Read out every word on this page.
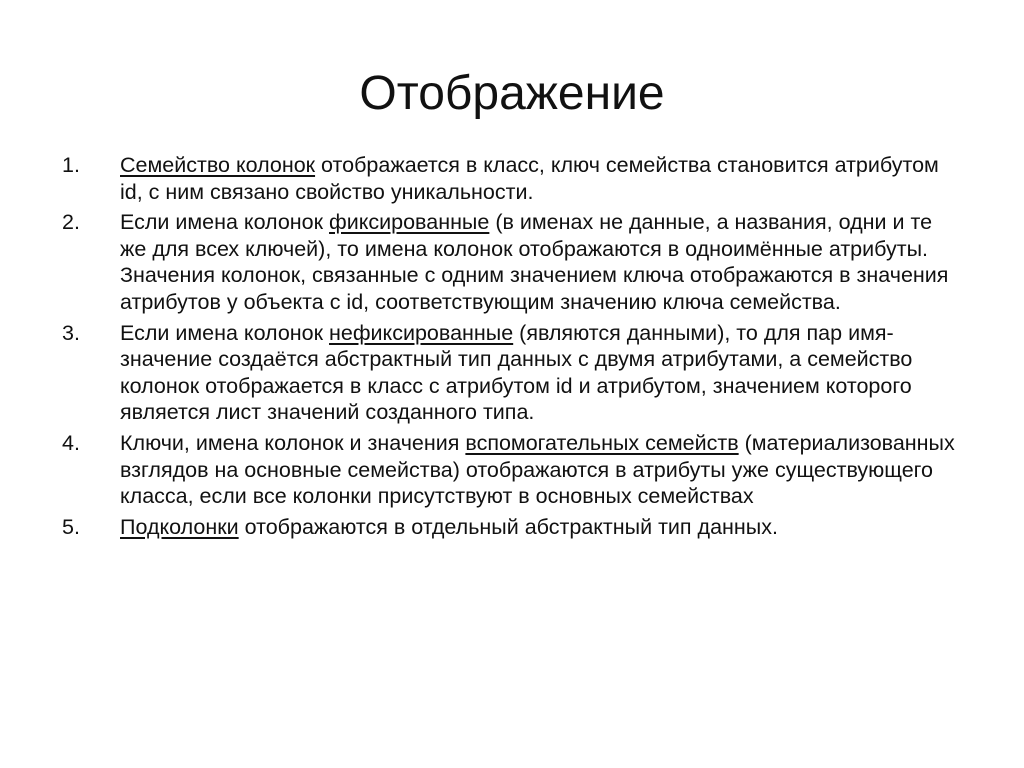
Отображение
1. Семейство колонок отображается в класс, ключ семейства становится атрибутом id, с ним связано свойство уникальности.
2. Если имена колонок фиксированные (в именах не данные, а названия, одни и те же для всех ключей), то имена колонок отображаются в одноимённые атрибуты. Значения колонок, связанные с одним значением ключа отображаются в значения атрибутов у объекта с id, соответствующим значению ключа семейства.
3. Если имена колонок нефиксированные (являются данными), то для пар имя-значение создаётся абстрактный тип данных с двумя атрибутами, а семейство колонок отображается в класс с атрибутом id и атрибутом, значением которого является лист значений созданного типа.
4. Ключи, имена колонок и значения вспомогательных семейств (материализованных взглядов на основные семейства) отображаются в атрибуты уже существующего класса, если все колонки присутствуют в основных семействах
5. Подколонки отображаются в отдельный абстрактный тип данных.
